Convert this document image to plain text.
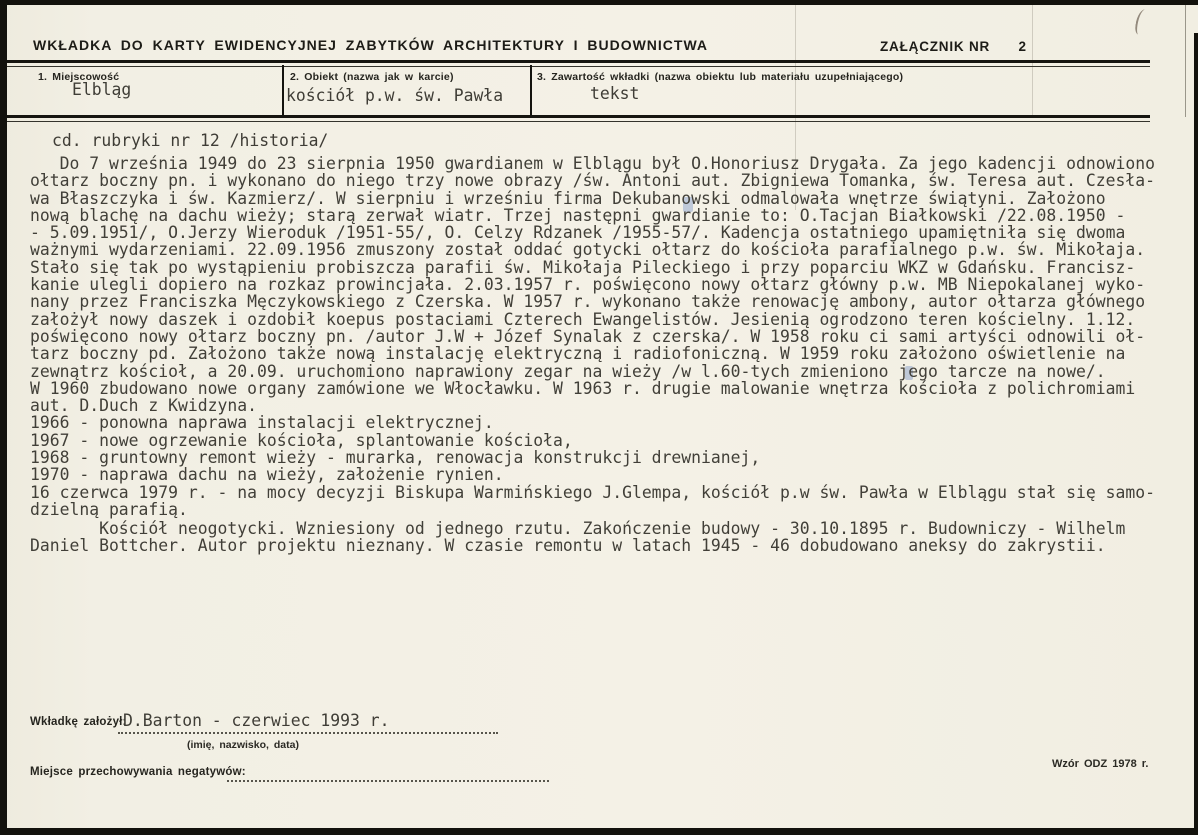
WKŁADKA DO KARTY EWIDENCYJNEJ ZABYTKÓW ARCHITEKTURY I BUDOWNICTWA	ZAŁĄCZNIK NR 2
1. Miejscowość
Elbląg
2. Obiekt (nazwa jak w karcie)
kościół p.w. św. Pawła
3. Zawartość wkładki (nazwa obiektu lub materiału uzupełniającego)
tekst
cd. rubryki nr 12 /historia/
Do 7 września 1949 do 23 sierpnia 1950 gwardianem w Elblągu był O.Honoriusz Drygała. Za jego kadencji odnowiono
ołtarz boczny pn. i wykonano do niego trzy nowe obrazy /św. Antoni aut. Zbigniewa Tomanka, św. Teresa aut. Czesła-
wa Błaszczyka i św. Kazmierz/. W sierpniu i wrześniu firma Dekubanowski odmalowała wnętrze świątyni. Założono
nową blachę na dachu wieży; starą zerwał wiatr. Trzej następni gwardianie to: O.Tacjan Białkowski /22.08.1950 -
- 5.09.1951/, O.Jerzy Wieroduk /1951-55/, O. Celzy Rdzanek /1955-57/. Kadencja ostatniego upamiętniła się dwoma
ważnymi wydarzeniami. 22.09.1956 zmuszony został oddać gotycki ołtarz do kościoła parafialnego p.w. św. Mikołaja.
Stało się tak po wystąpieniu probiszcza parafii św. Mikołaja Pileckiego i przy poparciu WKZ w Gdańsku. Francisz-
kanie ulegli dopiero na rozkaz prowincjała. 2.03.1957 r. poświęcono nowy ołtarz główny p.w. MB Niepokalanej wyko-
nany przez Franciszka Męczykowskiego z Czerska. W 1957 r. wykonano także renowację ambony, autor ołtarza głównego
założył nowy daszek i ozdobił koepus postaciami Czterech Ewangelistów. Jesienią ogrodzono teren kościelny. 1.12.
poświęcono nowy ołtarz boczny pn. /autor J.W + Józef Synalak z czerska/. W 1958 roku ci sami artyści odnowili oł-
tarz boczny pd. Założono także nową instalację elektryczną i radiofoniczną. W 1959 roku założono oświetlenie na
zewnątrz kościoł, a 20.09. uruchomiono naprawiony zegar na wieży /w l.60-tych zmieniono jego tarcze na nowe/.
W 1960 zbudowano nowe organy zamówione we Włocławku. W 1963 r. drugie malowanie wnętrza kościoła z polichromiami
aut. D.Duch z Kwidzyna.
1966 - ponowna naprawa instalacji elektrycznej.
1967 - nowe ogrzewanie kościoła, splantowanie kościoła,
1968 - gruntowny remont wieży - murarka, renowacja konstrukcji drewnianej,
1970 - naprawa dachu na wieży, założenie rynien.
16 czerwca 1979 r. - na mocy decyzji Biskupa Warmińskiego J.Glempa, kościół p.w św. Pawła w Elblągu stał się samo-
dzielną parafią.
Kościół neogotycki. Wzniesiony od jednego rzutu. Zakończenie budowy - 30.10.1895 r. Budowniczy - Wilhelm
Daniel Bottcher. Autor projektu nieznany. W czasie remontu w latach 1945 - 46 dobudowano aneksy do zakrystii.
Wkładkę założył:
D.Barton - czerwiec 1993 r.
(imię, nazwisko, data)
Miejsce przechowywania negatywów:
Wzór ODZ 1978 r.
